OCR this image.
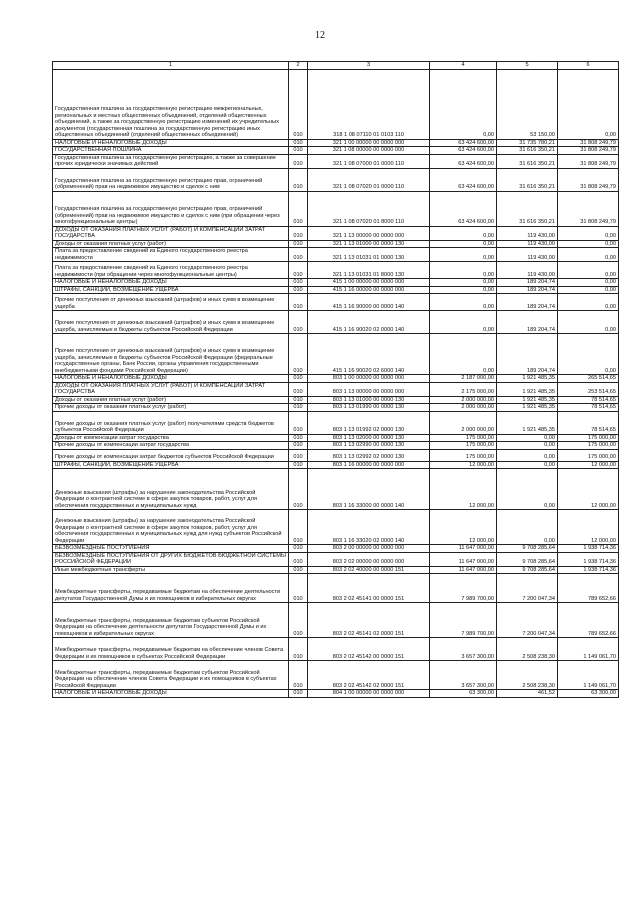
12
1	2	3	4	5	6
Государственная пошлина за государственную регистрацию межрегиональных, региональных и местных общественных объединений, отделений общественных объединений, а также за государственную регистрацию изменений их учредительных документов (государственная пошлина за государственную регистрацию иных общественных объединений (отделений общественных объединений)	010	318 1 08 07110 01 0103 110	0,00	53 150,00	0,00
НАЛОГОВЫЕ И НЕНАЛОГОВЫЕ ДОХОДЫ	010	321 1 00 00000 00 0000 000	63 424 600,00	31 735 780,21	31 808 249,79
ГОСУДАРСТВЕННАЯ ПОШЛИНА	010	321 1 08 00000 00 0000 000	63 424 600,00	31 616 350,21	31 808 249,79
Государственная пошлина за государственную регистрацию, а также за совершение прочих юридически значимых действий	010	321 1 08 07000 01 0000 110	63 424 600,00	31 616 350,21	31 808 249,79
Государственная пошлина за государственную регистрацию прав, ограничений (обременений) прав на недвижимое имущество и сделок с ним	010	321 1 08 07020 01 0000 110	63 424 600,00	31 616 350,21	31 808 249,79
Государственная пошлина за государственную регистрацию прав, ограничений (обременений) прав на недвижимое имущество и сделок с ним (при обращении через многофункциональные центры)	010	321 1 08 07020 01 8000 110	63 424 600,00	31 616 350,21	31 808 249,79
ДОХОДЫ ОТ ОКАЗАНИЯ ПЛАТНЫХ УСЛУГ (РАБОТ) И КОМПЕНСАЦИИ ЗАТРАТ ГОСУДАРСТВА	010	321 1 13 00000 00 0000 000	0,00	119 430,00	0,00
Доходы от оказания платных услуг (работ)	010	321 1 13 01000 00 0000 130	0,00	119 430,00	0,00
Плата за предоставление сведений из Единого государственного реестра недвижимости	010	321 1 13 01031 01 0000 130	0,00	119 430,00	0,00
Плата за предоставление сведений из Единого государственного реестра недвижимости (при обращении через многофункциональные центры)	010	321 1 13 01031 01 8000 130	0,00	119 430,00	0,00
НАЛОГОВЫЕ И НЕНАЛОГОВЫЕ ДОХОДЫ	010	415 1 00 00000 00 0000 000	0,00	189 204,74	0,00
ШТРАФЫ, САНКЦИИ, ВОЗМЕЩЕНИЕ УЩЕРБА	010	415 1 16 00000 00 0000 000	0,00	189 204,74	0,00
Прочие поступления от денежных взысканий (штрафов) и иных сумм в возмещение ущерба	010	415 1 16 90000 00 0000 140	0,00	189 204,74	0,00
Прочие поступления от денежных взысканий (штрафов) и иных сумм в возмещение ущерба, зачисляемые в бюджеты субъектов Российской Федерации	010	415 1 16 90020 02 0000 140	0,00	189 204,74	0,00
Прочие поступления от денежных взысканий (штрафов) и иных сумм в возмещение ущерба, зачисляемые в бюджеты субъектов Российской Федерации (федеральные государственные органы, Банк России, органы управления государственными внебюджетными фондами Российской Федерации)	010	415 1 16 90020 02 6000 140	0,00	189 204,74	0,00
НАЛОГОВЫЕ И НЕНАЛОГОВЫЕ ДОХОДЫ	010	803 1 00 00000 00 0000 000	2 187 000,00	1 921 485,35	265 514,65
ДОХОДЫ ОТ ОКАЗАНИЯ ПЛАТНЫХ УСЛУГ (РАБОТ) И КОМПЕНСАЦИИ ЗАТРАТ ГОСУДАРСТВА	010	803 1 13 00000 00 0000 000	2 175 000,00	1 921 485,35	253 514,65
Доходы от оказания платных услуг (работ)	010	803 1 13 01000 00 0000 130	2 000 000,00	1 921 485,35	78 514,65
Прочие доходы от оказания платных услуг (работ)	010	803 1 13 01990 00 0000 130	2 000 000,00	1 921 485,35	78 514,65
Прочие доходы от оказания платных услуг (работ) получателями средств бюджетов субъектов Российской Федерации	010	803 1 13 01992 02 0000 130	2 000 000,00	1 921 485,35	78 514,65
Доходы от компенсации затрат государства	010	803 1 13 02000 00 0000 130	175 000,00	0,00	175 000,00
Прочие доходы от компенсации затрат государства	010	803 1 13 02990 00 0000 130	175 000,00	0,00	175 000,00
Прочие доходы от компенсации затрат бюджетов субъектов Российской Федерации	010	803 1 13 02992 02 0000 130	175 000,00	0,00	175 000,00
ШТРАФЫ, САНКЦИИ, ВОЗМЕЩЕНИЕ УЩЕРБА	010	803 1 16 00000 00 0000 000	12 000,00	0,00	12 000,00
Денежные взыскания (штрафы) за нарушение законодательства Российской Федерации о контрактной системе в сфере закупок товаров, работ, услуг для обеспечения государственных и муниципальных нужд	010	803 1 16 33000 00 0000 140	12 000,00	0,00	12 000,00
Денежные взыскания (штрафы) за нарушение законодательства Российской Федерации о контрактной системе в сфере закупок товаров, работ, услуг для обеспечения государственных и муниципальных нужд для нужд субъектов Российской Федерации	010	803 1 16 33020 02 0000 140	12 000,00	0,00	12 000,00
БЕЗВОЗМЕЗДНЫЕ ПОСТУПЛЕНИЯ	010	803 2 00 00000 00 0000 000	11 647 000,00	9 708 285,64	1 938 714,36
БЕЗВОЗМЕЗДНЫЕ ПОСТУПЛЕНИЯ ОТ ДРУГИХ БЮДЖЕТОВ БЮДЖЕТНОЙ СИСТЕМЫ РОССИЙСКОЙ ФЕДЕРАЦИИ	010	803 2 02 00000 00 0000 000	11 647 000,00	9 708 285,64	1 938 714,36
Иные межбюджетные трансферты	010	803 2 02 40000 00 0000 151	11 647 000,00	9 708 285,64	1 938 714,36
Межбюджетные трансферты, передаваемые бюджетам на обеспечение деятельности депутатов Государственной Думы и их помощников в избирательных округах	010	803 2 02 45141 00 0000 151	7 989 700,00	7 200 047,34	789 652,66
Межбюджетные трансферты, передаваемые бюджетам субъектов Российской Федерации на обеспечение деятельности депутатов Государственной Думы и их помощников в избирательных округах	010	803 2 02 45141 02 0000 151	7 989 700,00	7 200 047,34	789 652,66
Межбюджетные трансферты, передаваемые бюджетам на обеспечение членов Совета Федерации и их помощников в субъектах Российской Федерации	010	803 2 02 45142 00 0000 151	3 657 300,00	2 508 238,30	1 149 061,70
Межбюджетные трансферты, передаваемые бюджетам субъектов Российской Федерации на обеспечение членов Совета Федерации и их помощников в субъектах Российской Федерации	010	803 2 02 45142 02 0000 151	3 657 300,00	2 508 238,30	1 149 061,70
НАЛОГОВЫЕ И НЕНАЛОГОВЫЕ ДОХОДЫ	010	804 1 00 00000 00 0000 000	63 300,00	461,52	63 300,00
